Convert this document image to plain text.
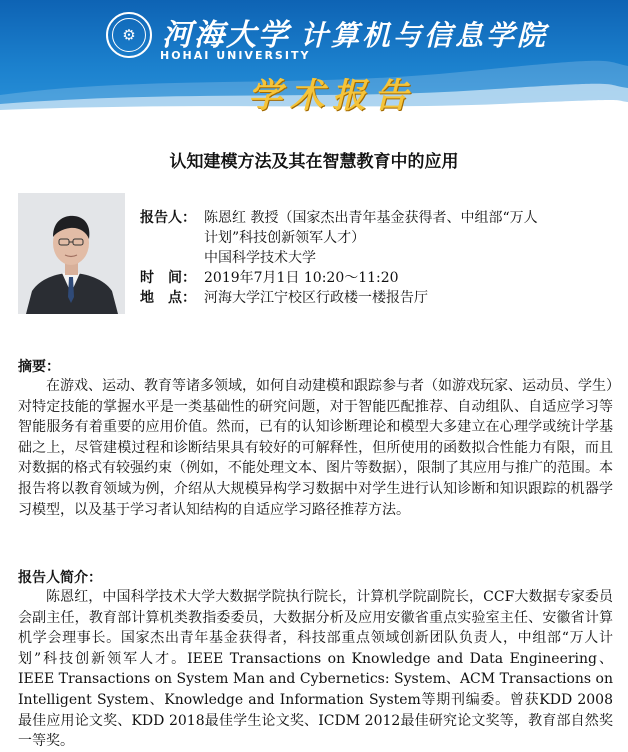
⚙ 河海大学
HOHAI UNIVERSITY
计算机与信息学院
学术报告
认知建模方法及其在智慧教育中的应用
报告人： 陈恩红 教授（国家杰出青年基金获得者、中组部“万人
计划”科技创新领军人才）
中国科学技术大学
时　间： 2019年7月1日 10:20～11:20
地　点： 河海大学江宁校区行政楼一楼报告厅
摘要：
在游戏、运动、教育等诸多领域，如何自动建模和跟踪参与者（如游戏玩家、运动员、学生）对特定技能的掌握水平是一类基础性的研究问题，对于智能匹配推荐、自动组队、自适应学习等智能服务有着重要的应用价值。然而，已有的认知诊断理论和模型大多建立在心理学或统计学基础之上，尽管建模过程和诊断结果具有较好的可解释性，但所使用的函数拟合性能力有限，而且对数据的格式有较强约束（例如，不能处理文本、图片等数据），限制了其应用与推广的范围。本报告将以教育领域为例，介绍从大规模异构学习数据中对学生进行认知诊断和知识跟踪的机器学习模型，以及基于学习者认知结构的自适应学习路径推荐方法。
报告人简介：
陈恩红，中国科学技术大学大数据学院执行院长，计算机学院副院长，CCF大数据专家委员会副主任，教育部计算机类教指委委员，大数据分析及应用安徽省重点实验室主任、安徽省计算机学会理事长。国家杰出青年基金获得者，科技部重点领域创新团队负责人，中组部“万人计划”科技创新领军人才。IEEE Transactions on Knowledge and Data Engineering、IEEE Transactions on System Man and Cybernetics: System、ACM Transactions on Intelligent System、Knowledge and Information System等期刊编委。曾获KDD 2008最佳应用论文奖、KDD 2018最佳学生论文奖、ICDM 2012最佳研究论文奖等，教育部自然奖一等奖。
